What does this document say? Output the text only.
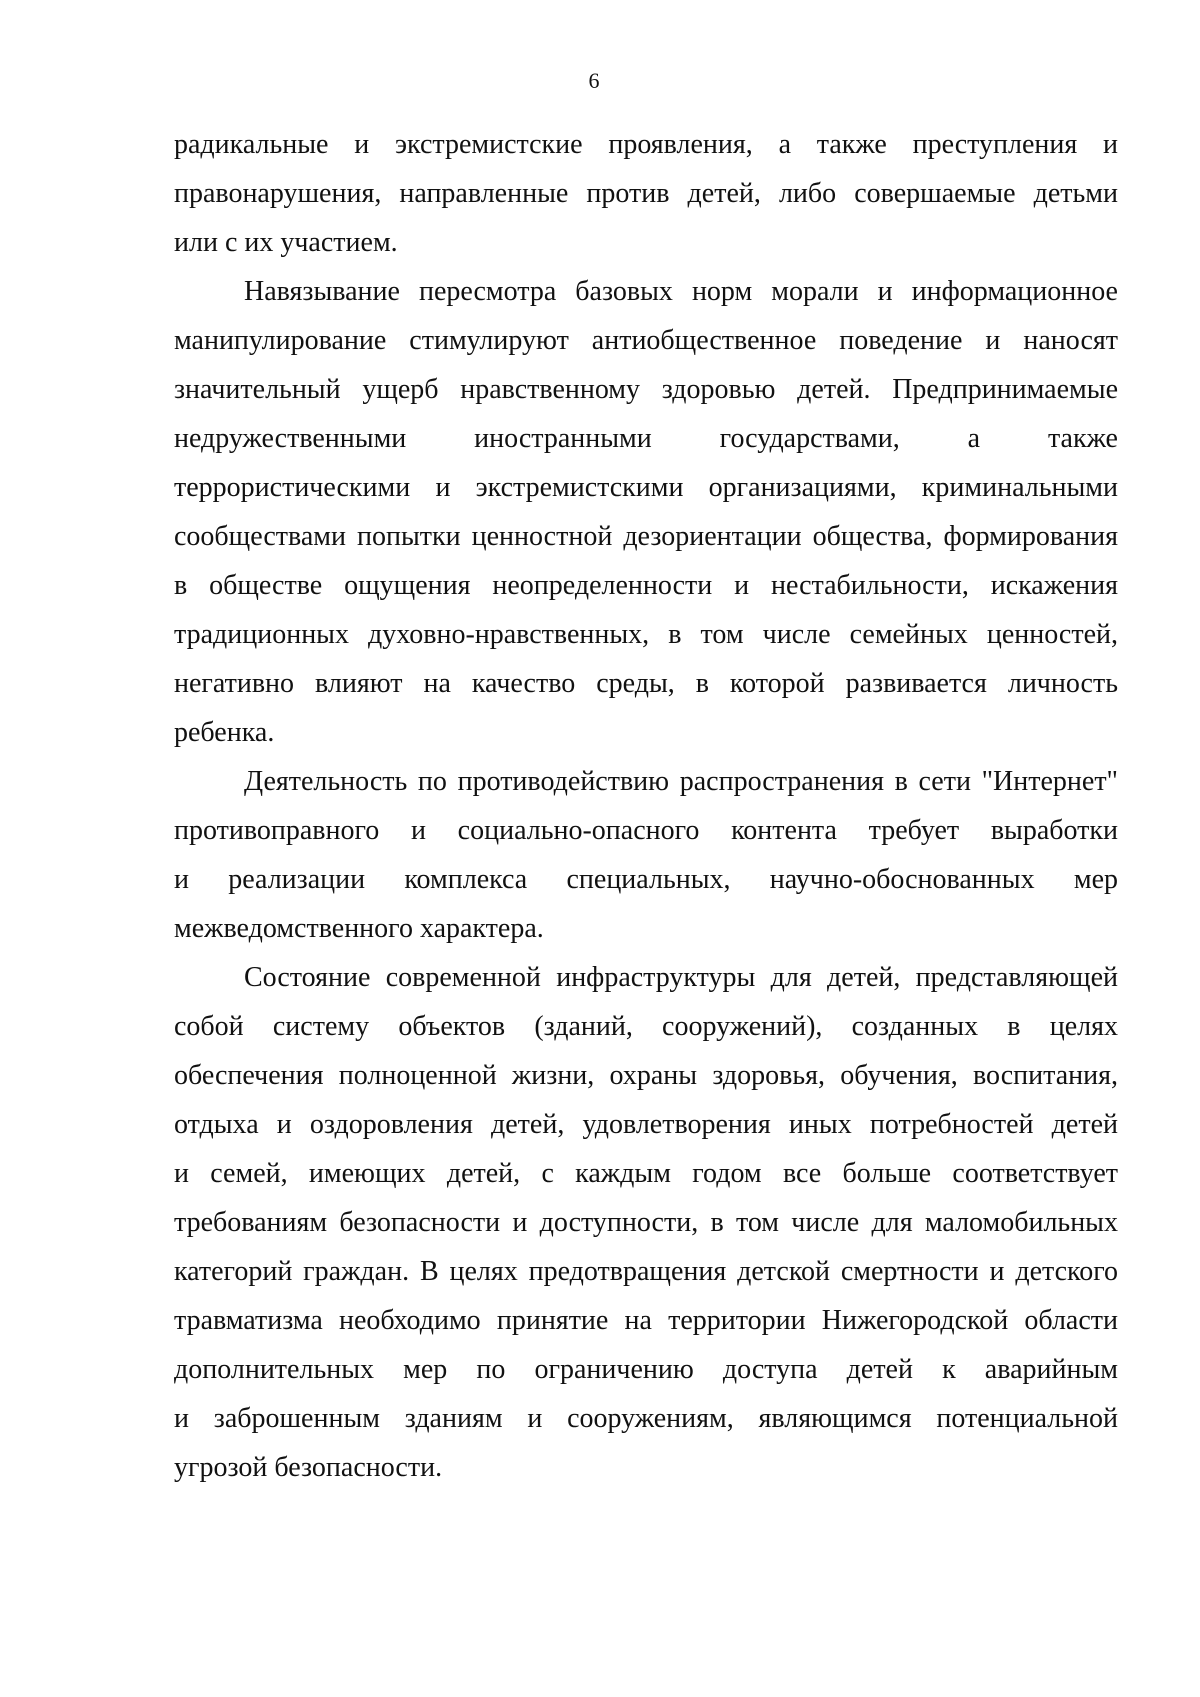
6
радикальные и экстремистские проявления, а также преступления и
правонарушения, направленные против детей, либо совершаемые детьми
или с их участием.
Навязывание пересмотра базовых норм морали и информационное
манипулирование стимулируют антиобщественное поведение и наносят
значительный ущерб нравственному здоровью детей. Предпринимаемые
недружественными иностранными государствами, а также
террористическими и экстремистскими организациями, криминальными
сообществами попытки ценностной дезориентации общества, формирования
в обществе ощущения неопределенности и нестабильности, искажения
традиционных духовно-нравственных, в том числе семейных ценностей,
негативно влияют на качество среды, в которой развивается личность
ребенка.
Деятельность по противодействию распространения в сети "Интернет"
противоправного и социально-опасного контента требует выработки
и реализации комплекса специальных, научно-обоснованных мер
межведомственного характера.
Состояние современной инфраструктуры для детей, представляющей
собой систему объектов (зданий, сооружений), созданных в целях
обеспечения полноценной жизни, охраны здоровья, обучения, воспитания,
отдыха и оздоровления детей, удовлетворения иных потребностей детей
и семей, имеющих детей, с каждым годом все больше соответствует
требованиям безопасности и доступности, в том числе для маломобильных
категорий граждан. В целях предотвращения детской смертности и детского
травматизма необходимо принятие на территории Нижегородской области
дополнительных мер по ограничению доступа детей к аварийным
и заброшенным зданиям и сооружениям, являющимся потенциальной
угрозой безопасности.
